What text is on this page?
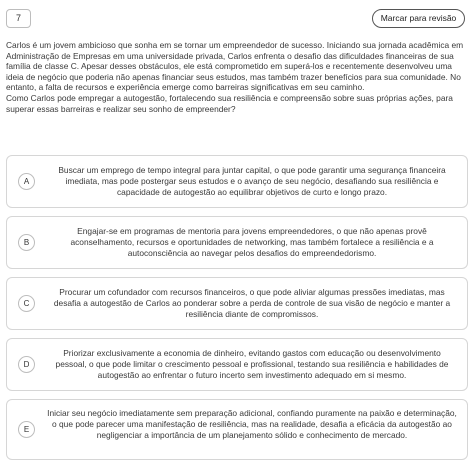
7	Marcar para revisão

Carlos é um jovem ambicioso que sonha em se tornar um empreendedor de sucesso. Iniciando sua jornada acadêmica em Administração de Empresas em uma universidade privada, Carlos enfrenta o desafio das dificuldades financeiras de sua família de classe C. Apesar desses obstáculos, ele está comprometido em superá-los e recentemente desenvolveu uma ideia de negócio que poderia não apenas financiar seus estudos, mas também trazer benefícios para sua comunidade. No entanto, a falta de recursos e experiência emerge como barreiras significativas em seu caminho.

Como Carlos pode empregar a autogestão, fortalecendo sua resiliência e compreensão sobre suas próprias ações, para superar essas barreiras e realizar seu sonho de empreender?

A
Buscar um emprego de tempo integral para juntar capital, o que pode garantir uma segurança financeira imediata, mas pode postergar seus estudos e o avanço de seu negócio, desafiando sua resiliência e capacidade de autogestão ao equilibrar objetivos de curto e longo prazo.
B
Engajar-se em programas de mentoria para jovens empreendedores, o que não apenas provê aconselhamento, recursos e oportunidades de networking, mas também fortalece a resiliência e a autoconsciência ao navegar pelos desafios do empreendedorismo.
C
Procurar um cofundador com recursos financeiros, o que pode aliviar algumas pressões imediatas, mas desafia a autogestão de Carlos ao ponderar sobre a perda de controle de sua visão de negócio e manter a resiliência diante de compromissos.
D
Priorizar exclusivamente a economia de dinheiro, evitando gastos com educação ou desenvolvimento pessoal, o que pode limitar o crescimento pessoal e profissional, testando sua resiliência e habilidades de autogestão ao enfrentar o futuro incerto sem investimento adequado em si mesmo.
E
Iniciar seu negócio imediatamente sem preparação adicional, confiando puramente na paixão e determinação, o que pode parecer uma manifestação de resiliência, mas na realidade, desafia a eficácia da autogestão ao negligenciar a importância de um planejamento sólido e conhecimento de mercado.
